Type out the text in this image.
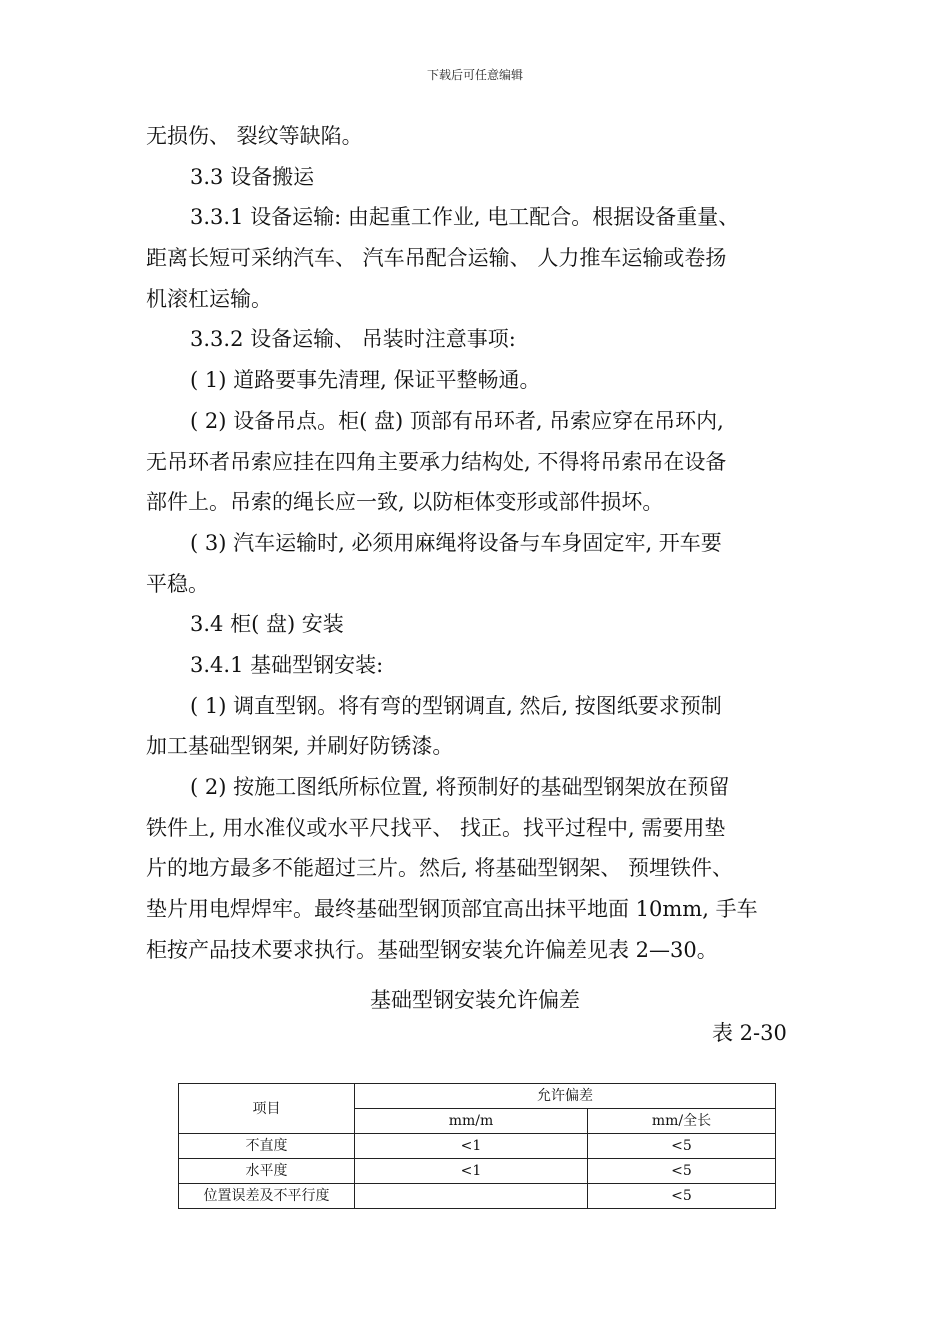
下载后可任意编辑
无损伤、 裂纹等缺陷。
3.3 设备搬运
3.3.1 设备运输: 由起重工作业, 电工配合。根据设备重量、
距离长短可采纳汽车、 汽车吊配合运输、 人力推车运输或卷扬
机滚杠运输。
3.3.2 设备运输、 吊装时注意事项:
( 1) 道路要事先清理, 保证平整畅通。
( 2) 设备吊点。柜( 盘) 顶部有吊环者, 吊索应穿在吊环内,
无吊环者吊索应挂在四角主要承力结构处, 不得将吊索吊在设备
部件上。吊索的绳长应一致, 以防柜体变形或部件损坏。
( 3) 汽车运输时, 必须用麻绳将设备与车身固定牢, 开车要
平稳。
3.4 柜( 盘) 安装
3.4.1 基础型钢安装:
( 1) 调直型钢。将有弯的型钢调直, 然后, 按图纸要求预制
加工基础型钢架, 并刷好防锈漆。
( 2) 按施工图纸所标位置, 将预制好的基础型钢架放在预留
铁件上, 用水准仪或水平尺找平、 找正。找平过程中, 需要用垫
片的地方最多不能超过三片。然后, 将基础型钢架、 预埋铁件、
垫片用电焊焊牢。最终基础型钢顶部宜高出抹平地面 10mm, 手车
柜按产品技术要求执行。基础型钢安装允许偏差见表 2—30。
基础型钢安装允许偏差
表 2-30
项目	允许偏差	
	mm/m	mm/全长
不直度	<1	<5
水平度	<1	<5
位置误差及不平行度		<5
